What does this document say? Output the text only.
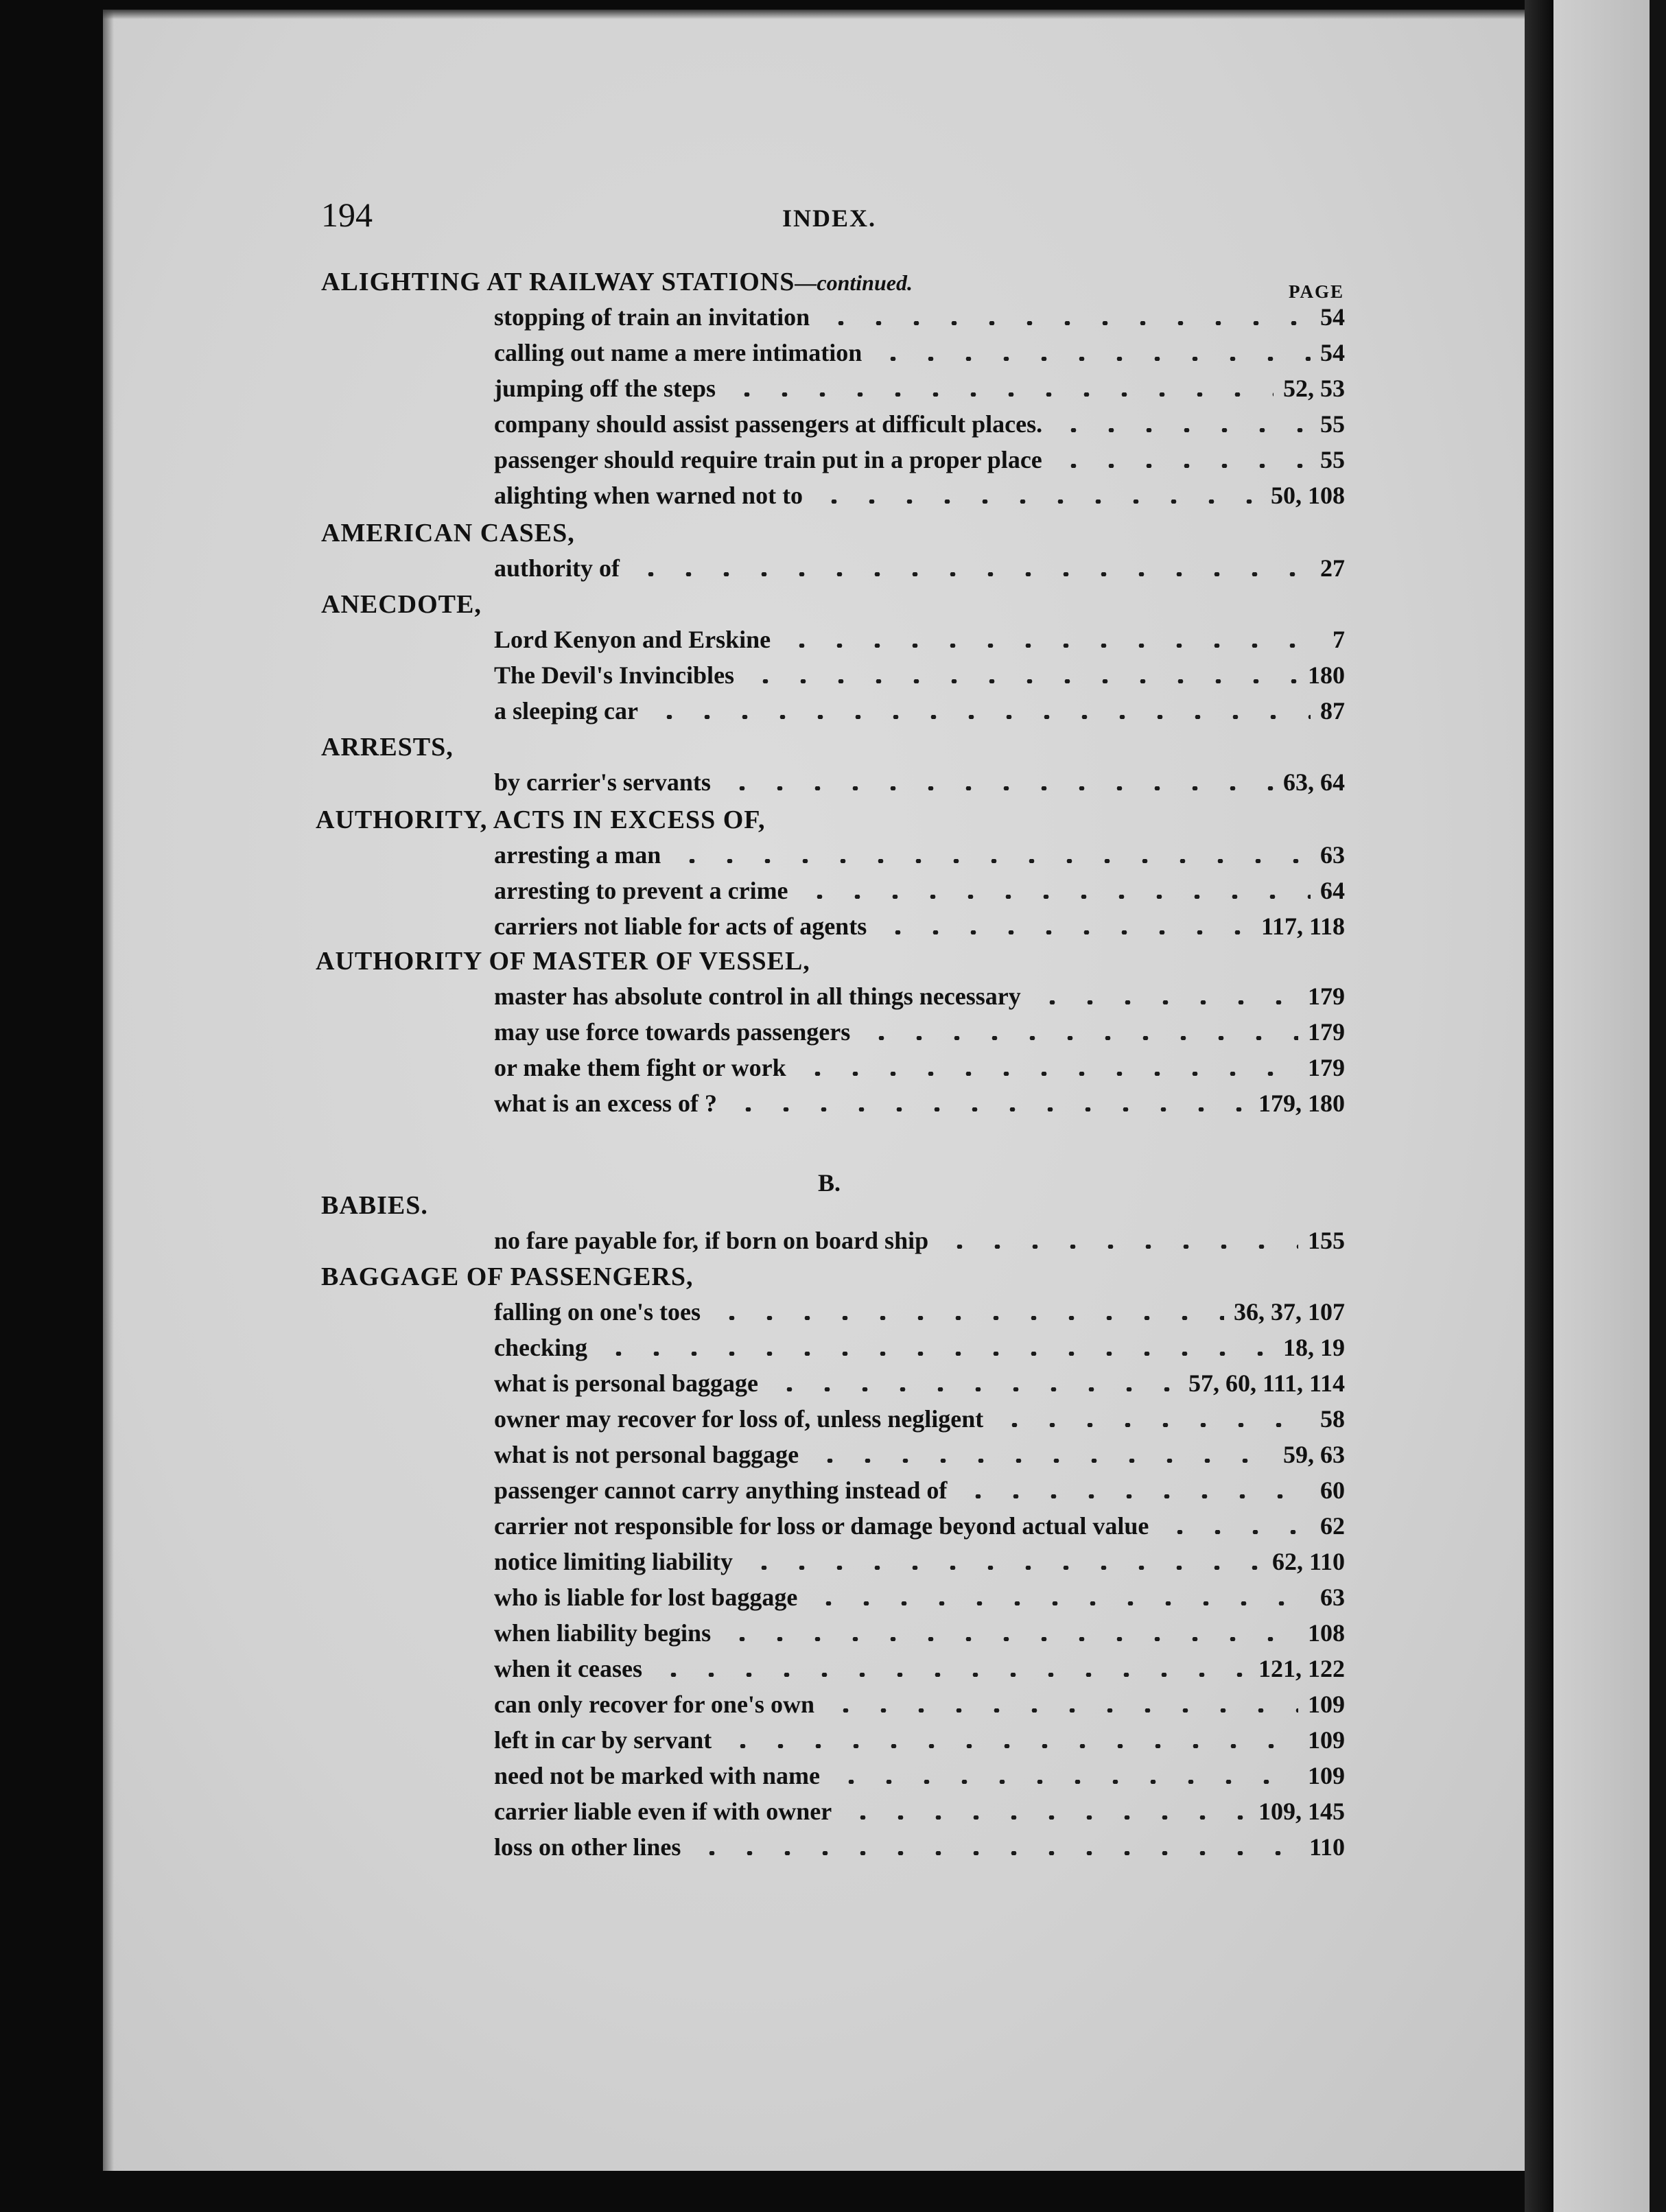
194	INDEX.
PAGE
B.
ALIGHTING AT RAILWAY STATIONS—continued.
stopping of train an invitation	54
calling out name a mere intimation	54
jumping off the steps	52, 53
company should assist passengers at difficult places.	55
passenger should require train put in a proper place	55
alighting when warned not to	50, 108
AMERICAN CASES,
authority of	27
ANECDOTE,
Lord Kenyon and Erskine	7
The Devil's Invincibles	180
a sleeping car	87
ARRESTS,
by carrier's servants	63, 64
AUTHORITY, ACTS IN EXCESS OF,
arresting a man	63
arresting to prevent a crime	64
carriers not liable for acts of agents	117, 118
AUTHORITY OF MASTER OF VESSEL,
master has absolute control in all things necessary	179
may use force towards passengers	179
or make them fight or work	179
what is an excess of ?	179, 180
BABIES.
no fare payable for, if born on board ship	155
BAGGAGE OF PASSENGERS,
falling on one's toes	36, 37, 107
checking	18, 19
what is personal baggage	57, 60, 111, 114
owner may recover for loss of, unless negligent	58
what is not personal baggage	59, 63
passenger cannot carry anything instead of	60
carrier not responsible for loss or damage beyond actual value	62
notice limiting liability	62, 110
who is liable for lost baggage	63
when liability begins	108
when it ceases	121, 122
can only recover for one's own	109
left in car by servant	109
need not be marked with name	109
carrier liable even if with owner	109, 145
loss on other lines	110
